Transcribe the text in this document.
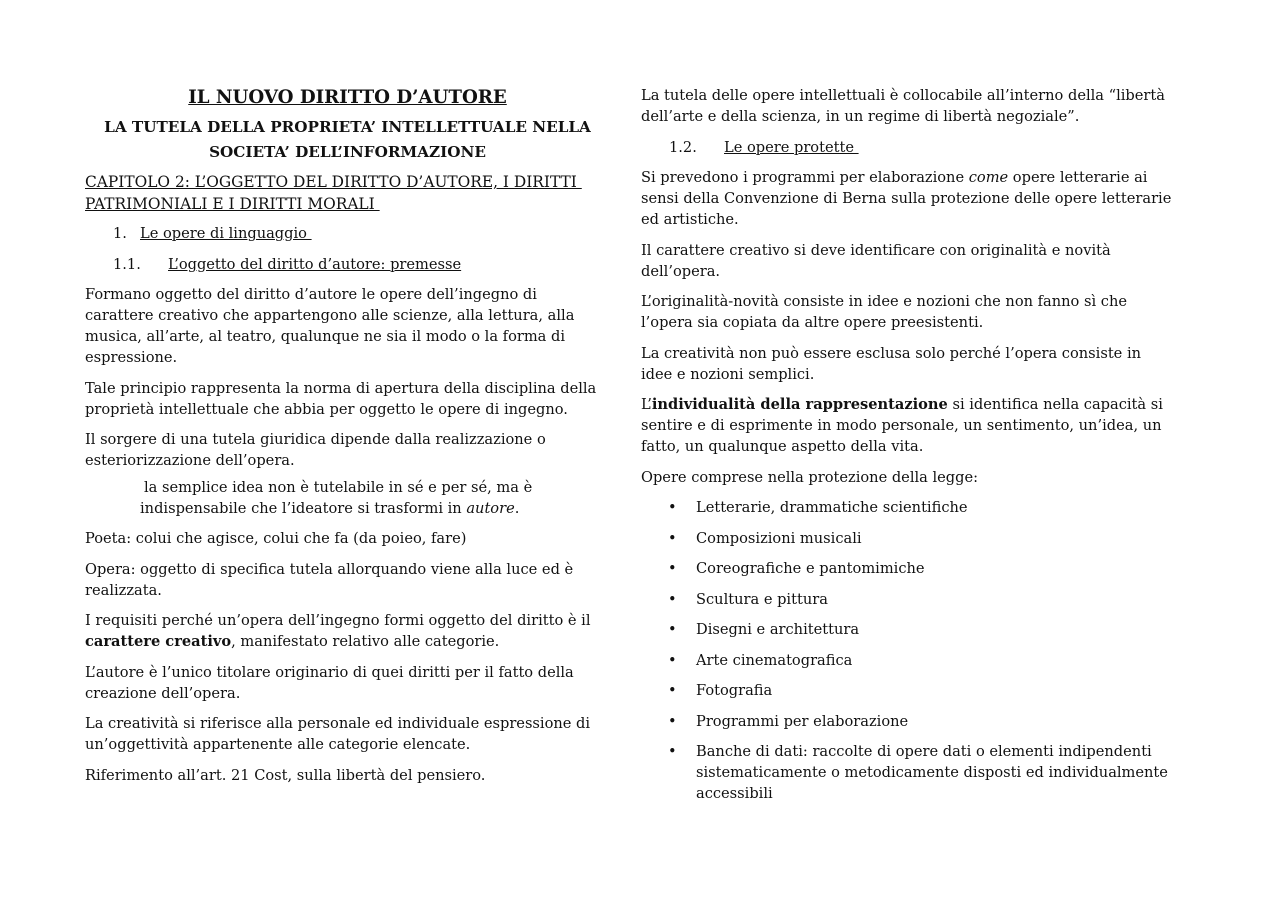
IL NUOVO DIRITTO D’AUTORE
LA TUTELA DELLA PROPRIETA’ INTELLETTUALE NELLA
SOCIETA’ DELL’INFORMAZIONE
CAPITOLO 2: L’OGGETTO DEL DIRITTO D’AUTORE, I DIRITTI
PATRIMONIALI E I DIRITTI MORALI
1. Le opere di linguaggio
1.1. L’oggetto del diritto d’autore: premesse

Formano oggetto del diritto d’autore le opere dell’ingegno di carattere creativo che appartengono alle scienze, alla lettura, alla musica, all’arte, al teatro, qualunque ne sia il modo o la forma di espressione.

Tale principio rappresenta la norma di apertura della disciplina della proprietà intellettuale che abbia per oggetto le opere di ingegno.

Il sorgere di una tutela giuridica dipende dalla realizzazione o esteriorizzazione dell’opera.

la semplice idea non è tutelabile in sé e per sé, ma è
indispensabile che l’ideatore si trasformi in autore.

Poeta: colui che agisce, colui che fa (da poieo, fare)

Opera: oggetto di specifica tutela allorquando viene alla luce ed è realizzata.

I requisiti perché un’opera dell’ingegno formi oggetto del diritto è il carattere creativo, manifestato relativo alle categorie.

L’autore è l’unico titolare originario di quei diritti per il fatto della creazione dell’opera.

La creatività si riferisce alla personale ed individuale espressione di un’oggettività appartenente alle categorie elencate.

Riferimento all’art. 21 Cost, sulla libertà del pensiero.

La tutela delle opere intellettuali è collocabile all’interno della “libertà dell’arte e della scienza, in un regime di libertà negoziale”.

1.2. Le opere protette

Si prevedono i programmi per elaborazione come opere letterarie ai sensi della Convenzione di Berna sulla protezione delle opere letterarie ed artistiche.

Il carattere creativo si deve identificare con originalità e novità dell’opera.

L’originalità-novità consiste in idee e nozioni che non fanno sì che l’opera sia copiata da altre opere preesistenti.

La creatività non può essere esclusa solo perché l’opera consiste in idee e nozioni semplici.

L’individualità della rappresentazione si identifica nella capacità si sentire e di esprimente in modo personale, un sentimento, un’idea, un fatto, un qualunque aspetto della vita.

Opere comprese nella protezione della legge:

• Letterarie, drammatiche scientifiche
• Composizioni musicali
• Coreografiche e pantomimiche
• Scultura e pittura
• Disegni e architettura
• Arte cinematografica
• Fotografia
• Programmi per elaborazione
• Banche di dati: raccolte di opere dati o elementi indipendenti sistematicamente o metodicamente disposti ed individualmente accessibili
